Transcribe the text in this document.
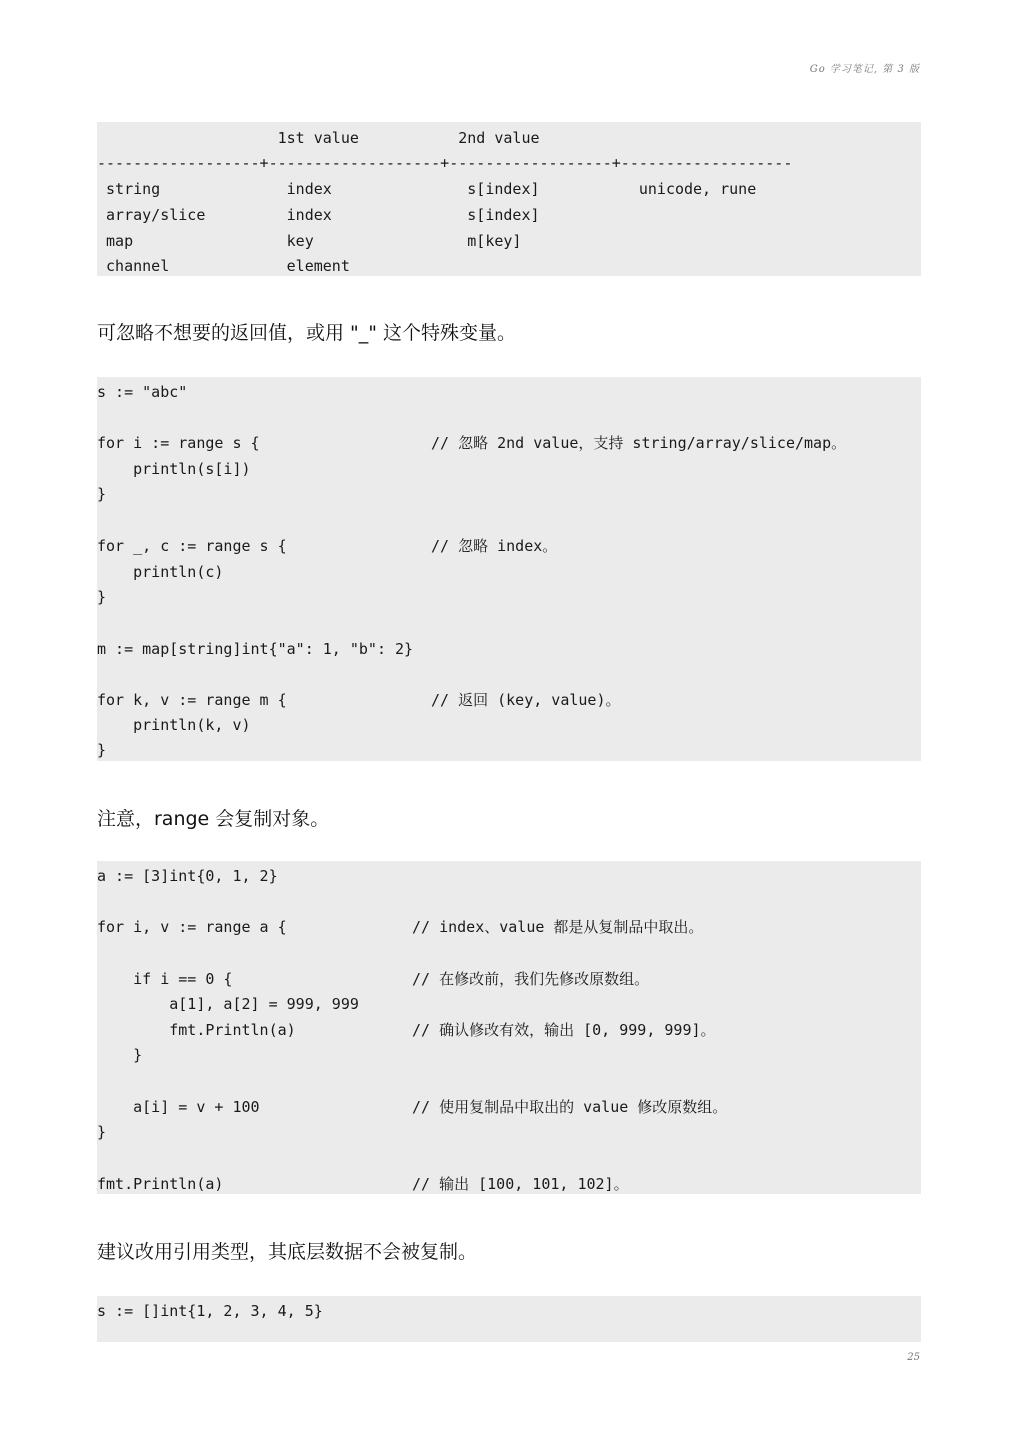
Go 学习笔记, 第 3 版
1st value           2nd value
------------------+-------------------+------------------+-------------------
string              index               s[index]           unicode, rune
array/slice         index               s[index]
map                 key                 m[key]
channel             element
可忽略不想要的返回值，或用 "_" 这个特殊变量。
s := "abc"
for i := range s {	// 忽略 2nd value，支持 string/array/slice/map。
println(s[i])
}
for _, c := range s {	// 忽略 index。
println(c)
}
m := map[string]int{"a": 1, "b": 2}
for k, v := range m {	// 返回 (key, value)。
println(k, v)
}
注意，range 会复制对象。
a := [3]int{0, 1, 2}
for i, v := range a {	// index、value 都是从复制品中取出。
if i == 0 {	// 在修改前，我们先修改原数组。
a[1], a[2] = 999, 999
fmt.Println(a)	// 确认修改有效，输出 [0, 999, 999]。
}
a[i] = v + 100	// 使用复制品中取出的 value 修改原数组。
}
fmt.Println(a)	// 输出 [100, 101, 102]。
建议改用引用类型，其底层数据不会被复制。
s := []int{1, 2, 3, 4, 5}
25
